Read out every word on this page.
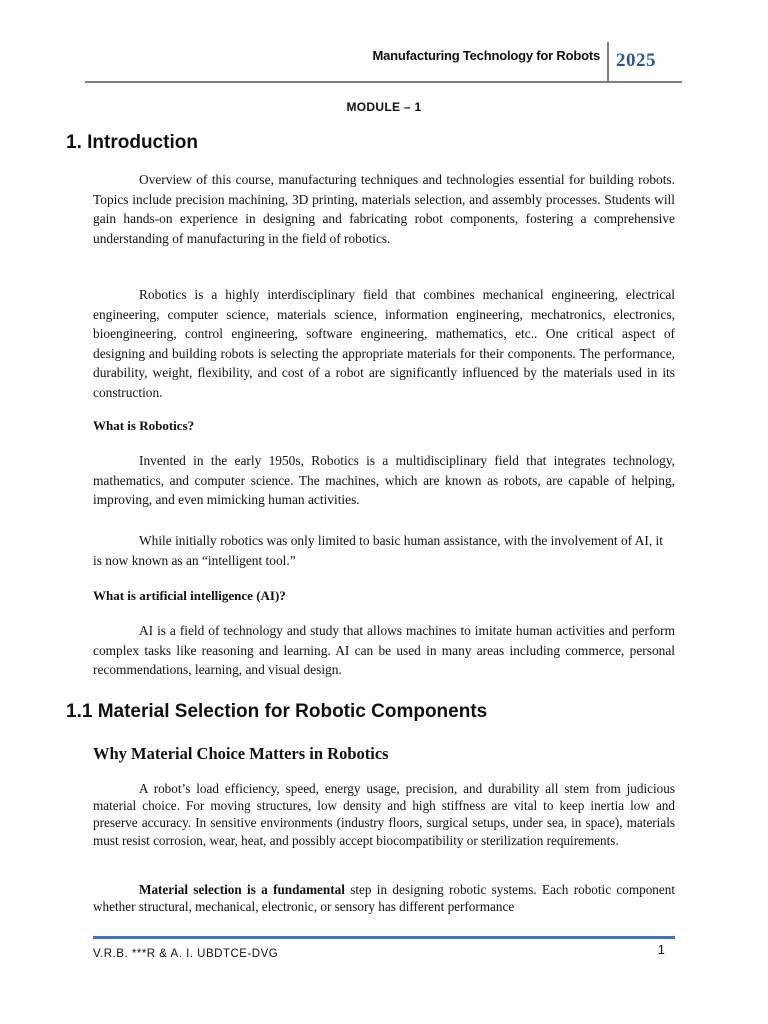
Manufacturing Technology for Robots 2025
MODULE – 1
1. Introduction
Overview of this course, manufacturing techniques and technologies essential for building robots. Topics include precision machining, 3D printing, materials selection, and assembly processes. Students will gain hands-on experience in designing and fabricating robot components, fostering a comprehensive understanding of manufacturing in the field of robotics.
Robotics is a highly interdisciplinary field that combines mechanical engineering, electrical engineering, computer science, materials science, information engineering, mechatronics, electronics, bioengineering, control engineering, software engineering, mathematics, etc.. One critical aspect of designing and building robots is selecting the appropriate materials for their components. The performance, durability, weight, flexibility, and cost of a robot are significantly influenced by the materials used in its construction.
What is Robotics?
Invented in the early 1950s, Robotics is a multidisciplinary field that integrates technology, mathematics, and computer science. The machines, which are known as robots, are capable of helping, improving, and even mimicking human activities.
While initially robotics was only limited to basic human assistance, with the involvement of AI, it is now known as an “intelligent tool.”
What is artificial intelligence (AI)?
AI is a field of technology and study that allows machines to imitate human activities and perform complex tasks like reasoning and learning. AI can be used in many areas including commerce, personal recommendations, learning, and visual design.
1.1 Material Selection for Robotic Components
Why Material Choice Matters in Robotics
A robot’s load efficiency, speed, energy usage, precision, and durability all stem from judicious material choice. For moving structures, low density and high stiffness are vital to keep inertia low and preserve accuracy. In sensitive environments (industry floors, surgical setups, under sea, in space), materials must resist corrosion, wear, heat, and possibly accept biocompatibility or sterilization requirements.
Material selection is a fundamental step in designing robotic systems. Each robotic component whether structural, mechanical, electronic, or sensory has different performance
V.R.B. ***R & A. I. UBDTCE-DVG	1
